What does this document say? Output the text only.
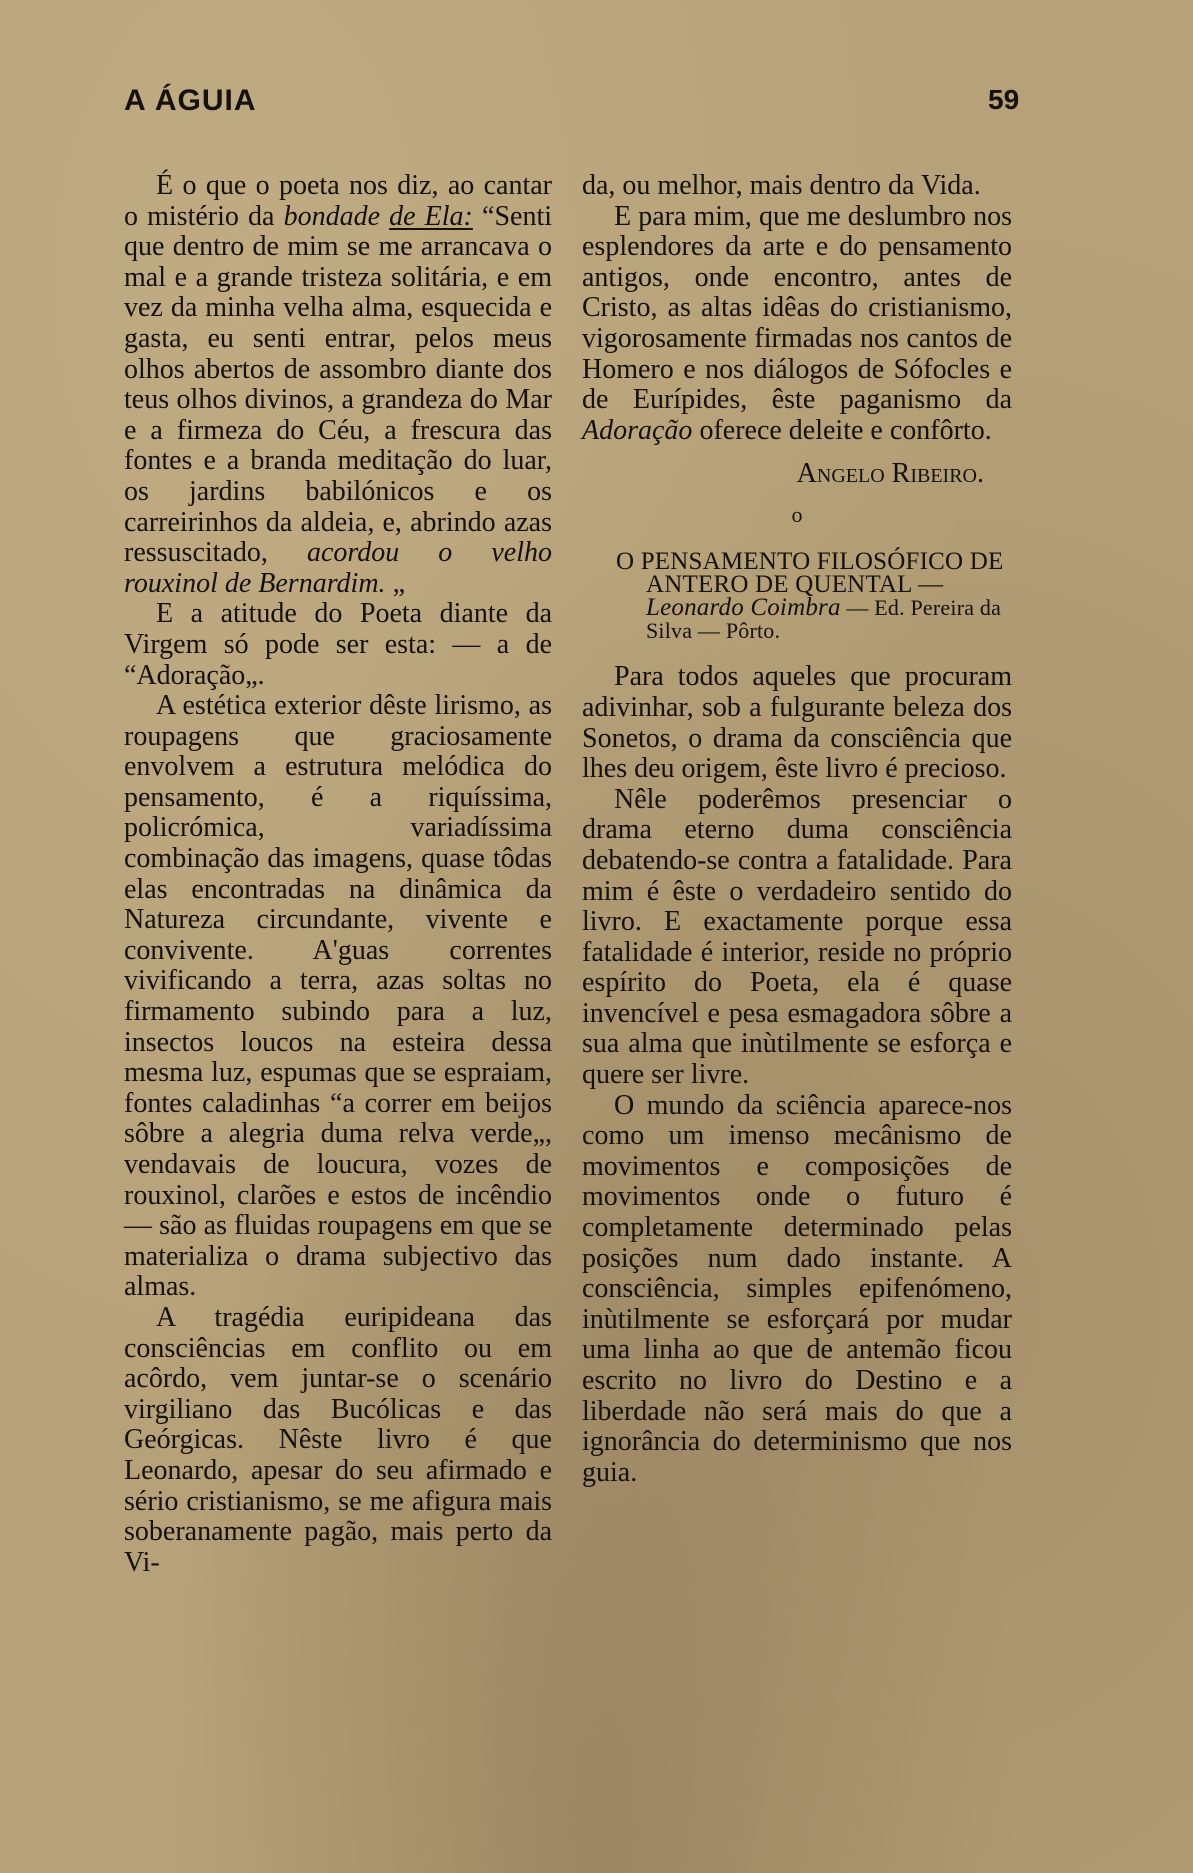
A ÁGUIA	59

É o que o poeta nos diz, ao cantar o mistério da bondade de Ela: “Senti que dentro de mim se me arrancava o mal e a grande tristeza solitária, e em vez da minha velha alma, esquecida e gasta, eu senti entrar, pelos meus olhos abertos de assombro diante dos teus olhos divinos, a grandeza do Mar e a firmeza do Céu, a frescura das fontes e a branda meditação do luar, os jardins babilónicos e os carreirinhos da aldeia, e, abrindo azas ressuscitado, acordou o velho rouxinol de Bernardim. „

E a atitude do Poeta diante da Virgem só pode ser esta: — a de “Adoração„.

A estética exterior dêste lirismo, as roupagens que graciosamente envolvem a estrutura melódica do pensamento, é a riquíssima, policrómica, variadíssima combinação das imagens, quase tôdas elas encontradas na dinâmica da Natureza circundante, vivente e convivente. A'guas correntes vivificando a terra, azas soltas no firmamento subindo para a luz, insectos loucos na esteira dessa mesma luz, espumas que se espraiam, fontes caladinhas “a correr em beijos sôbre a alegria duma relva verde„, vendavais de loucura, vozes de rouxinol, clarões e estos de incêndio — são as fluidas roupagens em que se materializa o drama subjectivo das almas.

A tragédia euripideana das consciências em conflito ou em acôrdo, vem juntar-se o scenário virgiliano das Bucólicas e das Geórgicas. Nêste livro é que Leonardo, apesar do seu afirmado e sério cristianismo, se me afigura mais soberanamente pagão, mais perto da Vi-

da, ou melhor, mais dentro da Vida.

E para mim, que me deslumbro nos esplendores da arte e do pensamento antigos, onde encontro, antes de Cristo, as altas idêas do cristianismo, vigorosamente firmadas nos cantos de Homero e nos diálogos de Sófocles e de Eurípides, êste paganismo da Adoração oferece deleite e confôrto.

Angelo Ribeiro.
o
O PENSAMENTO FILOSÓFICO DE ANTERO DE QUENTAL — Leonardo Coimbra — Ed. Pereira da Silva — Pôrto.

Para todos aqueles que procuram adivinhar, sob a fulgurante beleza dos Sonetos, o drama da consciência que lhes deu origem, êste livro é precioso.

Nêle poderêmos presenciar o drama eterno duma consciência debatendo-se contra a fatalidade. Para mim é êste o verdadeiro sentido do livro. E exactamente porque essa fatalidade é interior, reside no próprio espírito do Poeta, ela é quase invencível e pesa esmagadora sôbre a sua alma que inùtilmente se esforça e quere ser livre.

O mundo da sciência aparece-nos como um imenso mecânismo de movimentos e composições de movimentos onde o futuro é completamente determinado pelas posições num dado instante. A consciência, simples epifenómeno, inùtilmente se esforçará por mudar uma linha ao que de antemão ficou escrito no livro do Destino e a liberdade não será mais do que a ignorância do determinismo que nos guia.
